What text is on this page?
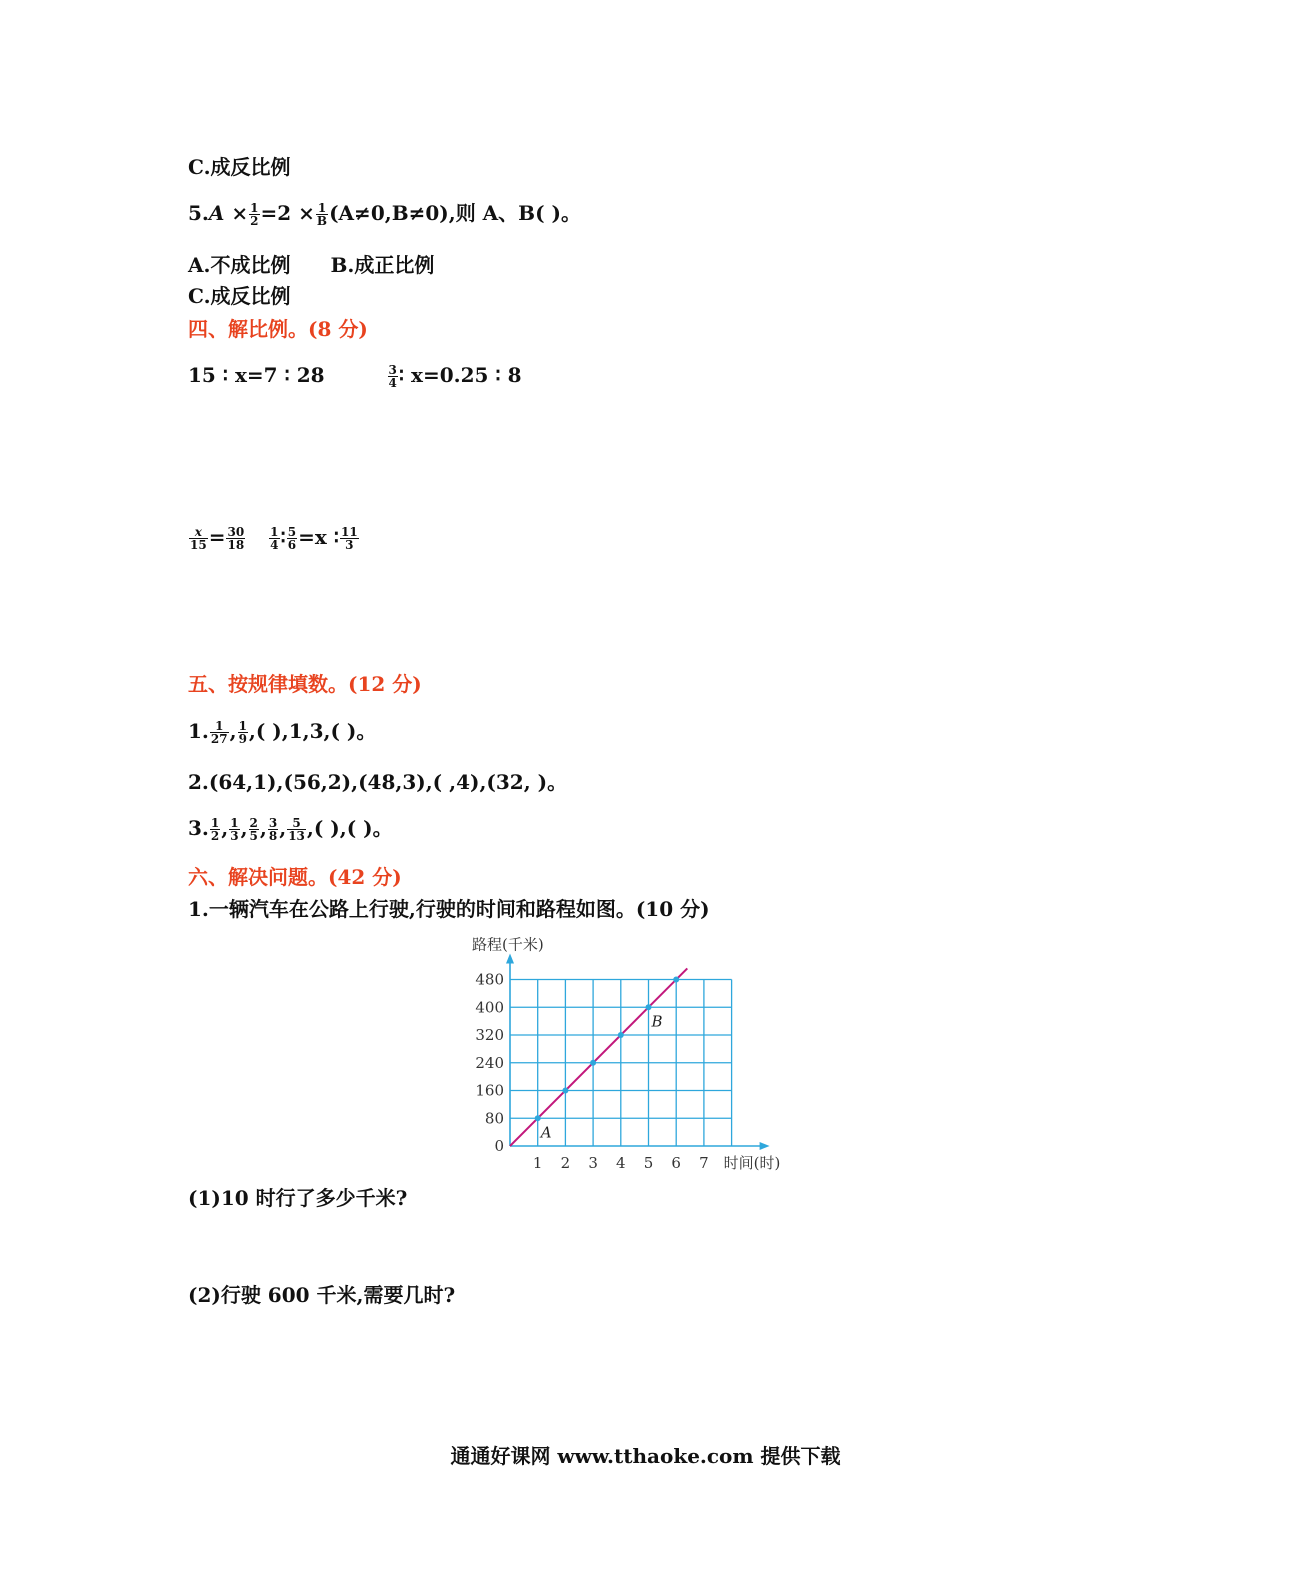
C.成反比例
$5.A \times \frac{1}{2} =2 \times \frac{1}{B} (A\ne 0,B\ne 0)$,则 A、B( )。
A.不成比例 B.成正比例
C.成反比例
四、解比例。(8 分)
15 ∶ x=7 ∶ 28	$\frac{3}{4}$ ∶ x=0.25 ∶ 8
$\frac{x}{15} = \frac{30}{18} \frac{1}{4}$ ∶ $\frac{5}{6} =x$ ∶ $\frac{11}{3}$
五、按规律填数。(12 分)
1. $\frac{1}{27}$ , $\frac{1}{9}$ ,( ),1,3,( )。
2.(64,1),(56,2),(48,3),( ,4),(32, )。
3. $\frac{1}{2}$ , $\frac{1}{3}$ , $\frac{2}{5}$ , $\frac{3}{8}$ , $\frac{5}{13}$ ,( ),( )。
六、解决问题。(42 分)
1.一辆汽车在公路上行驶,行驶的时间和路程如图。(10 分)
0
80
160
240
320
400
480
1 2 3 4 5 6 7
路程(千米)
时间(时)
A
B
(1)10 时行了多少千米?
(2)行驶 600 千米,需要几时?
通通好课网 www.tthaoke.com 提供下载
